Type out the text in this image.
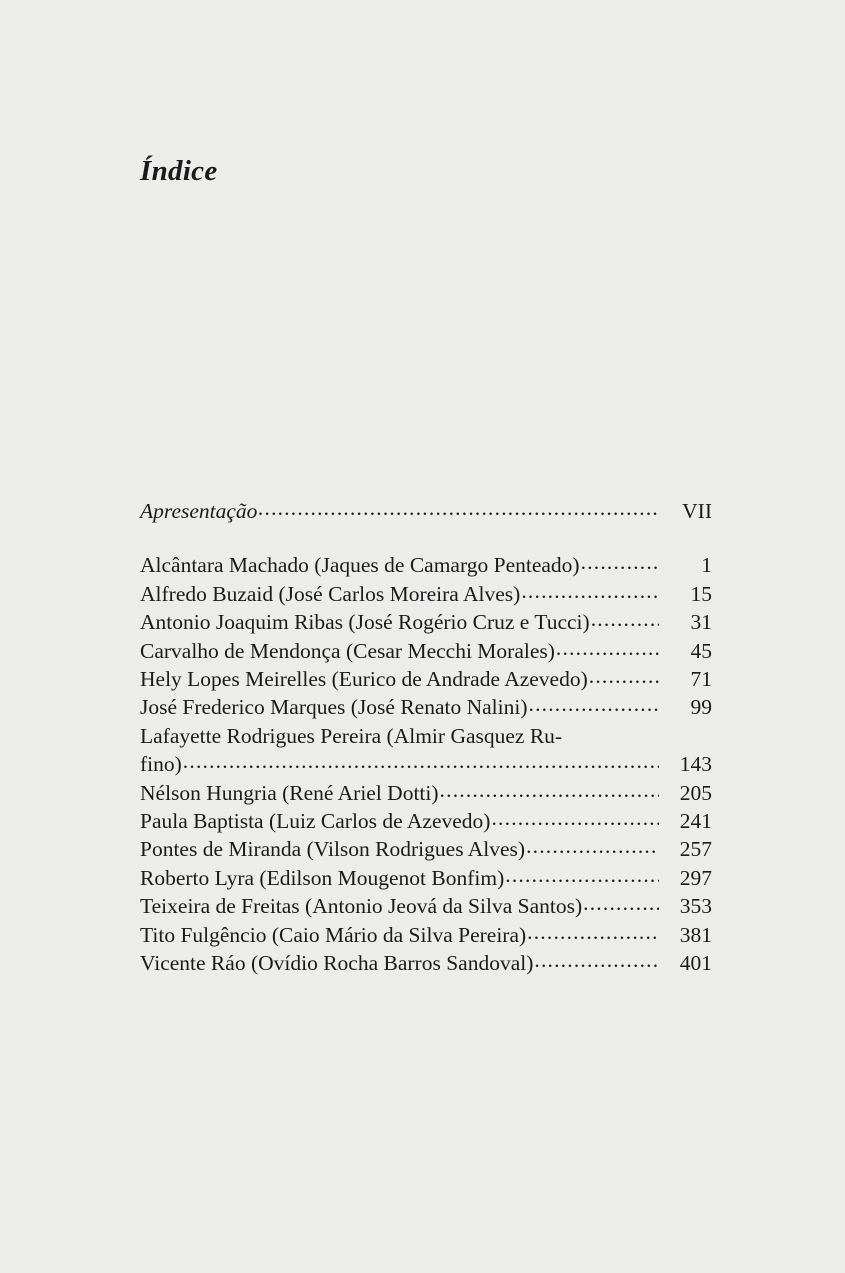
Índice
Apresentação .....	VII
Alcântara Machado (Jaques de Camargo Penteado) .....	1
Alfredo Buzaid (José Carlos Moreira Alves) .....	15
Antonio Joaquim Ribas (José Rogério Cruz e Tucci) .....	31
Carvalho de Mendonça (Cesar Mecchi Morales) .....	45
Hely Lopes Meirelles (Eurico de Andrade Azevedo) .....	71
José Frederico Marques (José Renato Nalini) .....	99
Lafayette Rodrigues Pereira (Almir Gasquez Ru-
fino) .....	143
Nélson Hungria (René Ariel Dotti) .....	205
Paula Baptista (Luiz Carlos de Azevedo) .....	241
Pontes de Miranda (Vilson Rodrigues Alves) .....	257
Roberto Lyra (Edilson Mougenot Bonfim) .....	297
Teixeira de Freitas (Antonio Jeová da Silva Santos) .....	353
Tito Fulgêncio (Caio Mário da Silva Pereira) .....	381
Vicente Ráo (Ovídio Rocha Barros Sandoval) .....	401
